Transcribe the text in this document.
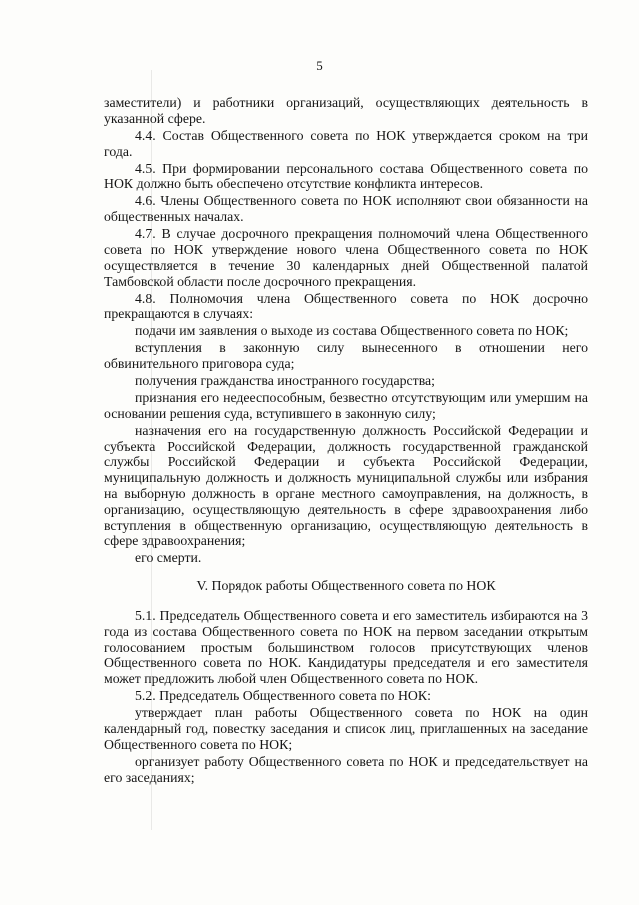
5

заместители) и работники организаций, осуществляющих деятельность в указанной сфере.

4.4. Состав Общественного совета по НОК утверждается сроком на три года.

4.5. При формировании персонального состава Общественного совета по НОК должно быть обеспечено отсутствие конфликта интересов.

4.6. Члены Общественного совета по НОК исполняют свои обязанности на общественных началах.

4.7. В случае досрочного прекращения полномочий члена Общественного совета по НОК утверждение нового члена Общественного совета по НОК осуществляется в течение 30 календарных дней Общественной палатой Тамбовской области после досрочного прекращения.

4.8. Полномочия члена Общественного совета по НОК досрочно прекращаются в случаях:

подачи им заявления о выходе из состава Общественного совета по НОК;

вступления в законную силу вынесенного в отношении него обвинительного приговора суда;

получения гражданства иностранного государства;

признания его недееспособным, безвестно отсутствующим или умершим на основании решения суда, вступившего в законную силу;

назначения его на государственную должность Российской Федерации и субъекта Российской Федерации, должность государственной гражданской службы Российской Федерации и субъекта Российской Федерации, муниципальную должность и должность муниципальной службы или избрания на выборную должность в органе местного самоуправления, на должность, в организацию, осуществляющую деятельность в сфере здравоохранения либо вступления в общественную организацию, осуществляющую деятельность в сфере здравоохранения;

его смерти.

V. Порядок работы Общественного совета по НОК

5.1. Председатель Общественного совета и его заместитель избираются на 3 года из состава Общественного совета по НОК на первом заседании открытым голосованием простым большинством голосов присутствующих членов Общественного совета по НОК. Кандидатуры председателя и его заместителя может предложить любой член Общественного совета по НОК.

5.2. Председатель Общественного совета по НОК:

утверждает план работы Общественного совета по НОК на один календарный год, повестку заседания и список лиц, приглашенных на заседание Общественного совета по НОК;

организует работу Общественного совета по НОК и председательствует на его заседаниях;
